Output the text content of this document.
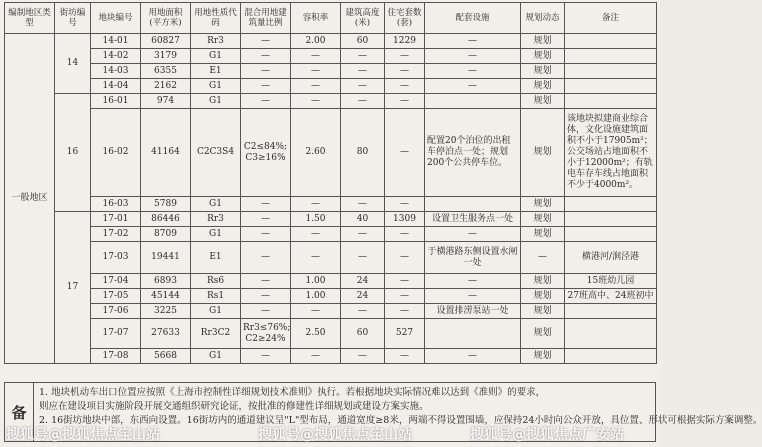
编制地区类型	街坊编号	地块编号	用地面积(平方米)	用地性质代码	混合用地建筑量比例	容积率	建筑高度(米)	住宅套数(套)	配套设施	规划动态	备注
一般地区	14	14-01	60827	Rr3	—	2.00	60	1229	—	规划	
		14-02	3179	G1	—	—	—	—	—	规划	
		14-03	6355	E1	—	—	—	—	—	规划	
		14-04	2162	G1	—	—	—	—	—	规划	
	16	16-01	974	G1	—	—	—	—		规划	
		16-02	41164	C2C3S4	C2≤84%; C3≥16%	2.60	80	—	配置20个泊位的出租车停泊点一处；规划200个公共停车位。	规划	该地块拟建商业综合体，文化设施建筑面积不小于17905m²；公交场站占地面积不小于12000m²；有轨电车存车线占地面积不少于4000m²。
		16-03	5789	G1	—	—	—	—		规划	
	17	17-01	86446	Rr3	—	1.50	40	1309	设置卫生服务点一处	规划	
		17-02	8709	G1	—	—	—	—	—	规划	
		17-03	19441	E1	—	—	—	—	于横港路东侧设置水闸一处	—	横港河/涧泾港
		17-04	6893	Rs6	—	1.00	24	—	—	规划	15班幼儿园
		17-05	45144	Rs1	—	1.00	24	—	—	规划	27班高中、24班初中
		17-06	3225	G1	—	—	—	—	设置排涝泵站一处	规划	
		17-07	27633	Rr3C2	Rr3≤76%; C2≥24%	2.50	60	527		规划	
		17-08	5668	G1	—	—	—	—	—	规划	
备
1. 地块机动车出口位置应按照《上海市控制性详细规划技术准则》执行。若根据地块实际情况难以达到《准则》的要求，
则应在建设项目实施阶段开展交通组织研究论证，按批准的修建性详细规划或建设方案实施。
2. 16街坊地块中部，东西向设置。16街坊内的通道建议呈"L"型布局，通道宽度≥8米，两端不得设置围墙，应保持24小时向公众开放，具位置、形状可根据实际方案调整。
搜狐号@搜狐焦点宝山站	搜狐号@搜狐焦点宝山站	搜狐号@搜狐焦点广安站
